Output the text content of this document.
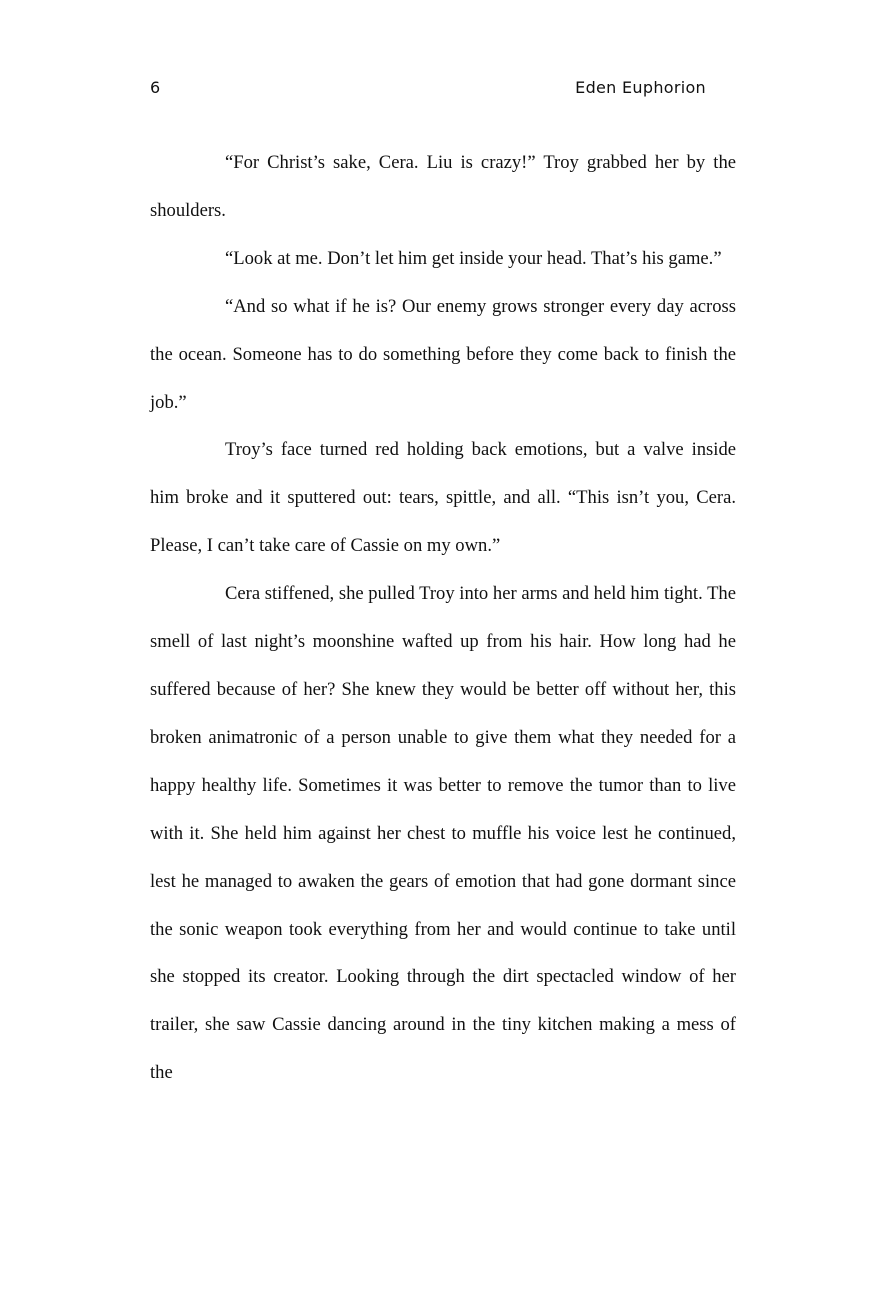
6	Eden Euphorion

“For Christ’s sake, Cera. Liu is crazy!” Troy grabbed her by the shoulders.

“Look at me. Don’t let him get inside your head. That’s his game.”

“And so what if he is? Our enemy grows stronger every day across the ocean. Someone has to do something before they come back to finish the job.”

Troy’s face turned red holding back emotions, but a valve inside him broke and it sputtered out: tears, spittle, and all. “This isn’t you, Cera. Please, I can’t take care of Cassie on my own.”

Cera stiffened, she pulled Troy into her arms and held him tight. The smell of last night’s moonshine wafted up from his hair. How long had he suffered because of her? She knew they would be better off without her, this broken animatronic of a person unable to give them what they needed for a happy healthy life. Sometimes it was better to remove the tumor than to live with it. She held him against her chest to muffle his voice lest he continued, lest he managed to awaken the gears of emotion that had gone dormant since the sonic weapon took everything from her and would continue to take until she stopped its creator. Looking through the dirt spectacled window of her trailer, she saw Cassie dancing around in the tiny kitchen making a mess of the
